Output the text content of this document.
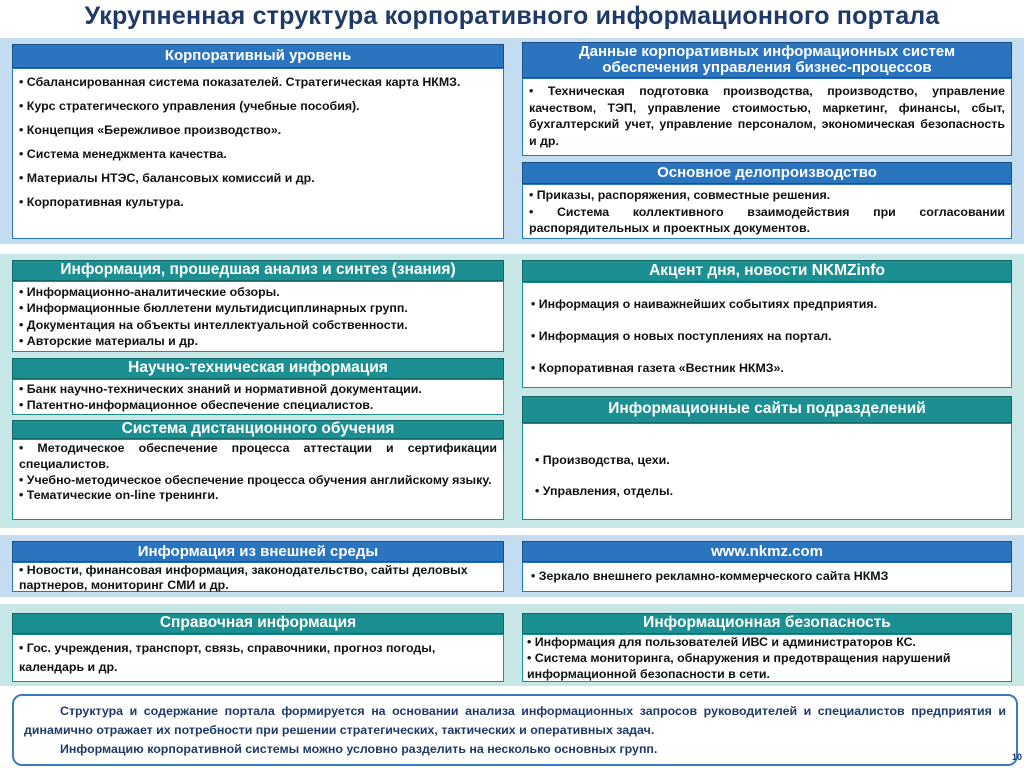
Укрупненная структура корпоративного информационного портала
Корпоративный уровень

• Сбалансированная система показателей. Стратегическая карта НКМЗ.

• Курс стратегического управления (учебные пособия).

• Концепция «Бережливое производство».

• Система менеджмента качества.

• Материалы НТЭС, балансовых комиссий и др.

• Корпоративная культура.

Данные корпоративных информационных систем обеспечения управления бизнес-процессов

• Техническая подготовка производства, производство, управление качеством, ТЭП, управление стоимостью, маркетинг, финансы, сбыт, бухгалтерский учет, управление персоналом, экономическая безопасность и др.

Основное делопроизводство

• Приказы, распоряжения, совместные решения.

• Система коллективного взаимодействия при согласовании распорядительных и проектных документов.

Информация, прошедшая анализ и синтез (знания)

• Информационно-аналитические обзоры.

• Информационные бюллетени мультидисциплинарных групп.

• Документация на объекты интеллектуальной собственности.

• Авторские материалы и др.

Научно-техническая информация

• Банк научно-технических знаний и нормативной документации.

• Патентно-информационное обеспечение специалистов.

Система дистанционного обучения

• Методическое обеспечение процесса аттестации и сертификации специалистов.

• Учебно-методическое обеспечение процесса обучения английскому языку.

• Тематические on-line тренинги.

Акцент дня, новости NKMZinfo

• Информация о наиважнейших событиях предприятия.

• Информация о новых поступлениях на портал.

• Корпоративная газета «Вестник НКМЗ».

Информационные сайты подразделений

• Производства, цехи.

• Управления, отделы.

Информация из внешней среды

• Новости, финансовая информация, законодательство, сайты деловых партнеров, мониторинг СМИ и др.

www.nkmz.com

• Зеркало внешнего рекламно-коммерческого сайта НКМЗ

Справочная информация

• Гос. учреждения, транспорт, связь, справочники, прогноз погоды, календарь и др.

Информационная безопасность

• Информация для пользователей ИВС и администраторов КС.

• Система мониторинга, обнаружения и предотвращения нарушений информационной безопасности в сети.

Структура и содержание портала формируется на основании анализа информационных запросов руководителей и специалистов предприятия и динамично отражает их потребности при решении стратегических, тактических и оперативных задач.

Информацию корпоративной системы можно условно разделить на несколько основных групп.

10
